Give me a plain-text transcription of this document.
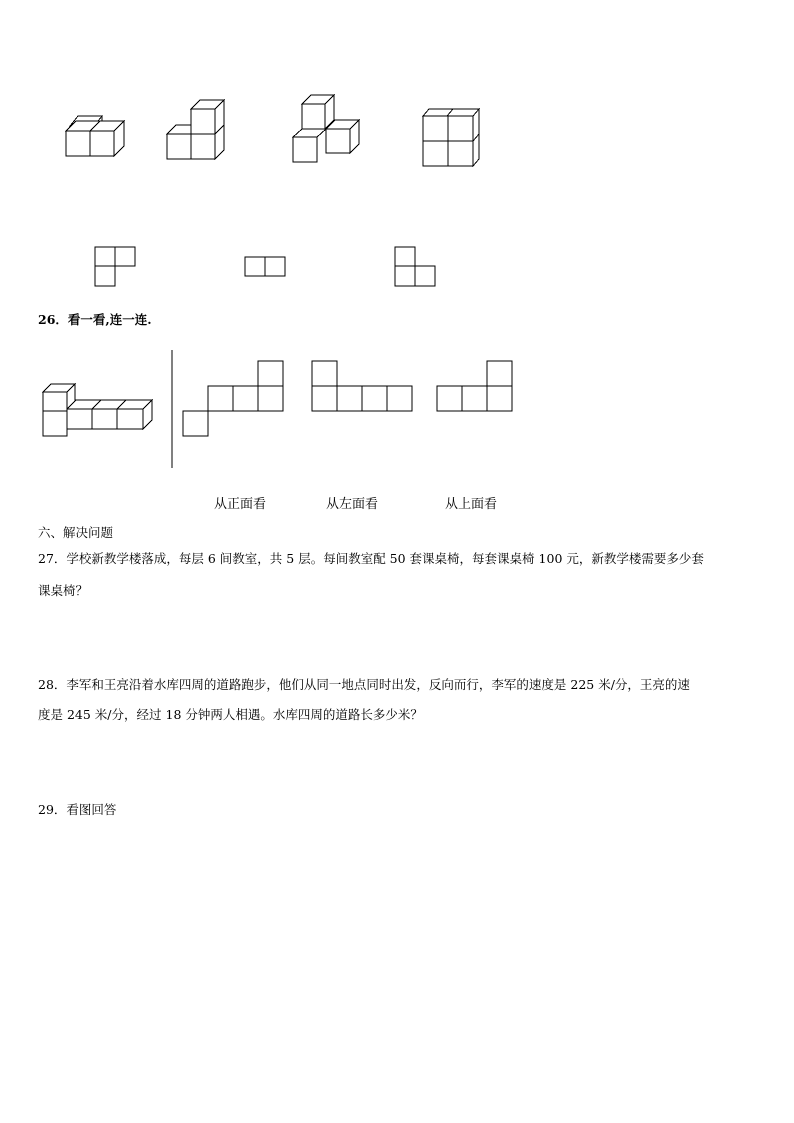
26．看一看,连一连.
从正面看	从左面看	从上面看
六、解决问题
27．学校新教学楼落成，每层 6 间教室，共 5 层。每间教室配 50 套课桌椅，每套课桌椅 100 元，新教学楼需要多少套
课桌椅？
28．李军和王亮沿着水库四周的道路跑步，他们从同一地点同时出发，反向而行，李军的速度是 225 米/分，王亮的速
度是 245 米/分，经过 18 分钟两人相遇。水库四周的道路长多少米？
29．看图回答
